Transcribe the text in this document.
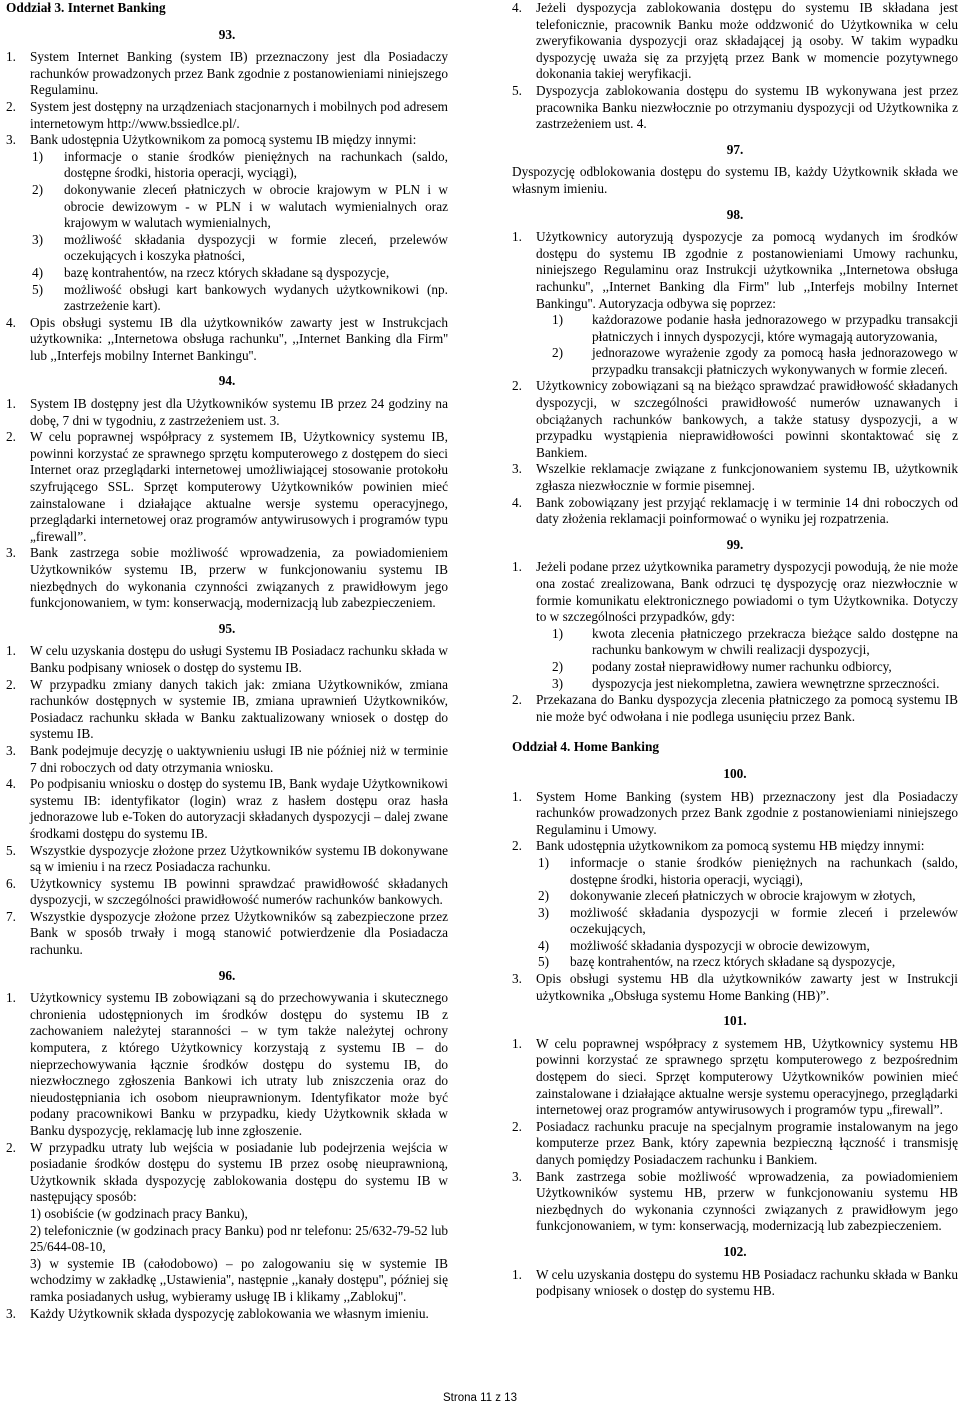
Oddział 3. Internet Banking
93.

1. System Internet Banking (system IB) przeznaczony jest dla Posiadaczy rachunków prowadzonych przez Bank zgodnie z postanowieniami niniejszego Regulaminu.

2. System jest dostępny na urządzeniach stacjonarnych i mobilnych pod adresem internetowym http://www.bssiedlce.pl/.

3. Bank udostępnia Użytkownikom za pomocą systemu IB między innymi:

1) informacje o stanie środków pieniężnych na rachunkach (saldo, dostępne środki, historia operacji, wyciągi),

2) dokonywanie zleceń płatniczych w obrocie krajowym w PLN i w obrocie dewizowym - w PLN i w walutach wymienialnych oraz krajowym w walutach wymienialnych,

3) możliwość składania dyspozycji w formie zleceń, przelewów oczekujących i koszyka płatności,

4) bazę kontrahentów, na rzecz których składane są dyspozycje,

5) możliwość obsługi kart bankowych wydanych użytkownikowi (np. zastrzeżenie kart).

4. Opis obsługi systemu IB dla użytkowników zawarty jest w Instrukcjach użytkownika: ,,Internetowa obsługa rachunku'', ,,Internet Banking dla Firm'' lub ,,Interfejs mobilny Internet Bankingu''.

94.

1. System IB dostępny jest dla Użytkowników systemu IB przez 24 godziny na dobę, 7 dni w tygodniu, z zastrzeżeniem ust. 3.

2. W celu poprawnej współpracy z systemem IB, Użytkownicy systemu IB, powinni korzystać ze sprawnego sprzętu komputerowego z dostępem do sieci Internet oraz przeglądarki internetowej umożliwiającej stosowanie protokołu szyfrującego SSL. Sprzęt komputerowy Użytkowników powinien mieć zainstalowane i działające aktualne wersje systemu operacyjnego, przeglądarki internetowej oraz programów antywirusowych i programów typu „firewall”.

3. Bank zastrzega sobie możliwość wprowadzenia, za powiadomieniem Użytkowników systemu IB, przerw w funkcjonowaniu systemu IB niezbędnych do wykonania czynności związanych z prawidłowym jego funkcjonowaniem, w tym: konserwacją, modernizacją lub zabezpieczeniem.

95.

1. W celu uzyskania dostępu do usługi Systemu IB Posiadacz rachunku składa w Banku podpisany wniosek o dostęp do systemu IB.

2. W przypadku zmiany danych takich jak: zmiana Użytkowników, zmiana rachunków dostępnych w systemie IB, zmiana uprawnień Użytkowników, Posiadacz rachunku składa w Banku zaktualizowany wniosek o dostęp do systemu IB.

3. Bank podejmuje decyzję o uaktywnieniu usługi IB nie później niż w terminie 7 dni roboczych od daty otrzymania wniosku.

4. Po podpisaniu wniosku o dostęp do systemu IB, Bank wydaje Użytkownikowi systemu IB: identyfikator (login) wraz z hasłem dostępu oraz hasła jednorazowe lub e-Token do autoryzacji składanych dyspozycji – dalej zwane środkami dostępu do systemu IB.

5. Wszystkie dyspozycje złożone przez Użytkowników systemu IB dokonywane są w imieniu i na rzecz Posiadacza rachunku.

6. Użytkownicy systemu IB powinni sprawdzać prawidłowość składanych dyspozycji, w szczególności prawidłowość numerów rachunków bankowych.

7. Wszystkie dyspozycje złożone przez Użytkowników są zabezpieczone przez Bank w sposób trwały i mogą stanowić potwierdzenie dla Posiadacza rachunku.

96.

1. Użytkownicy systemu IB zobowiązani są do przechowywania i skutecznego chronienia udostępnionych im środków dostępu do systemu IB z zachowaniem należytej staranności – w tym także należytej ochrony komputera, z którego Użytkownicy korzystają z systemu IB – do nieprzechowywania łącznie środków dostępu do systemu IB, do niezwłocznego zgłoszenia Bankowi ich utraty lub zniszczenia oraz do nieudostępniania ich osobom nieuprawnionym. Identyfikator może być podany pracownikowi Banku w przypadku, kiedy Użytkownik składa w Banku dyspozycję, reklamację lub inne zgłoszenie.

2. W przypadku utraty lub wejścia w posiadanie lub podejrzenia wejścia w posiadanie środków dostępu do systemu IB przez osobę nieuprawnioną, Użytkownik składa dyspozycję zablokowania dostępu do systemu IB w następujący sposób:

1) osobiście (w godzinach pracy Banku),

2) telefonicznie (w godzinach pracy Banku) pod nr telefonu: 25/632-79-52 lub 25/644-08-10,

3) w systemie IB (całodobowo) – po zalogowaniu się w systemie IB wchodzimy w zakładkę ,,Ustawienia'', następnie ,,kanały dostępu'', później się ramka posiadanych usług, wybieramy usługę IB i klikamy ,,Zablokuj''.

3. Każdy Użytkownik składa dyspozycję zablokowania we własnym imieniu.

4. Jeżeli dyspozycja zablokowania dostępu do systemu IB składana jest telefonicznie, pracownik Banku może oddzwonić do Użytkownika w celu zweryfikowania dyspozycji oraz składającej ją osoby. W takim wypadku dyspozycję uważa się za przyjętą przez Bank w momencie pozytywnego dokonania takiej weryfikacji.

5. Dyspozycja zablokowania dostępu do systemu IB wykonywana jest przez pracownika Banku niezwłocznie po otrzymaniu dyspozycji od Użytkownika z zastrzeżeniem ust. 4.

97.

Dyspozycję odblokowania dostępu do systemu IB, każdy Użytkownik składa we własnym imieniu.

98.

1. Użytkownicy autoryzują dyspozycje za pomocą wydanych im środków dostępu do systemu IB zgodnie z postanowieniami Umowy rachunku, niniejszego Regulaminu oraz Instrukcji użytkownika ,,Internetowa obsługa rachunku'', ,,Internet Banking dla Firm'' lub ,,Interfejs mobilny Internet Bankingu''. Autoryzacja odbywa się poprzez:

1) każdorazowe podanie hasła jednorazowego w przypadku transakcji płatniczych i innych dyspozycji, które wymagają autoryzowania,

2) jednorazowe wyrażenie zgody za pomocą hasła jednorazowego w przypadku transakcji płatniczych wykonywanych w formie zleceń.

2. Użytkownicy zobowiązani są na bieżąco sprawdzać prawidłowość składanych dyspozycji, w szczególności prawidłowość numerów uznawanych i obciążanych rachunków bankowych, a także statusy dyspozycji, a w przypadku wystąpienia nieprawidłowości powinni skontaktować się z Bankiem.

3. Wszelkie reklamacje związane z funkcjonowaniem systemu IB, użytkownik zgłasza niezwłocznie w formie pisemnej.

4. Bank zobowiązany jest przyjąć reklamację i w terminie 14 dni roboczych od daty złożenia reklamacji poinformować o wyniku jej rozpatrzenia.

99.

1. Jeżeli podane przez użytkownika parametry dyspozycji powodują, że nie może ona zostać zrealizowana, Bank odrzuci tę dyspozycję oraz niezwłocznie w formie komunikatu elektronicznego powiadomi o tym Użytkownika. Dotyczy to w szczególności przypadków, gdy:

1) kwota zlecenia płatniczego przekracza bieżące saldo dostępne na rachunku bankowym w chwili realizacji dyspozycji,

2) podany został nieprawidłowy numer rachunku odbiorcy,

3) dyspozycja jest niekompletna, zawiera wewnętrzne sprzeczności.

2. Przekazana do Banku dyspozycja zlecenia płatniczego za pomocą systemu IB nie może być odwołana i nie podlega usunięciu przez Bank.

Oddział 4. Home Banking
100.

1. System Home Banking (system HB) przeznaczony jest dla Posiadaczy rachunków prowadzonych przez Bank zgodnie z postanowieniami niniejszego Regulaminu i Umowy.

2. Bank udostępnia użytkownikom za pomocą systemu HB między innymi:

1) informacje o stanie środków pieniężnych na rachunkach (saldo, dostępne środki, historia operacji, wyciągi),

2) dokonywanie zleceń płatniczych w obrocie krajowym w złotych,

3) możliwość składania dyspozycji w formie zleceń i przelewów oczekujących,

4) możliwość składania dyspozycji w obrocie dewizowym,

5) bazę kontrahentów, na rzecz których składane są dyspozycje,

3. Opis obsługi systemu HB dla użytkowników zawarty jest w Instrukcji użytkownika „Obsługa systemu Home Banking (HB)”.

101.

1. W celu poprawnej współpracy z systemem HB, Użytkownicy systemu HB powinni korzystać ze sprawnego sprzętu komputerowego z bezpośrednim dostępem do sieci. Sprzęt komputerowy Użytkowników powinien mieć zainstalowane i działające aktualne wersje systemu operacyjnego, przeglądarki internetowej oraz programów antywirusowych i programów typu „firewall”.

2. Posiadacz rachunku pracuje na specjalnym programie instalowanym na jego komputerze przez Bank, który zapewnia bezpieczną łączność i transmisję danych pomiędzy Posiadaczem rachunku i Bankiem.

3. Bank zastrzega sobie możliwość wprowadzenia, za powiadomieniem Użytkowników systemu HB, przerw w funkcjonowaniu systemu HB niezbędnych do wykonania czynności związanych z prawidłowym jego funkcjonowaniem, w tym: konserwacją, modernizacją lub zabezpieczeniem.

102.

1. W celu uzyskania dostępu do systemu HB Posiadacz rachunku składa w Banku podpisany wniosek o dostęp do systemu HB.

Strona 11 z 13
